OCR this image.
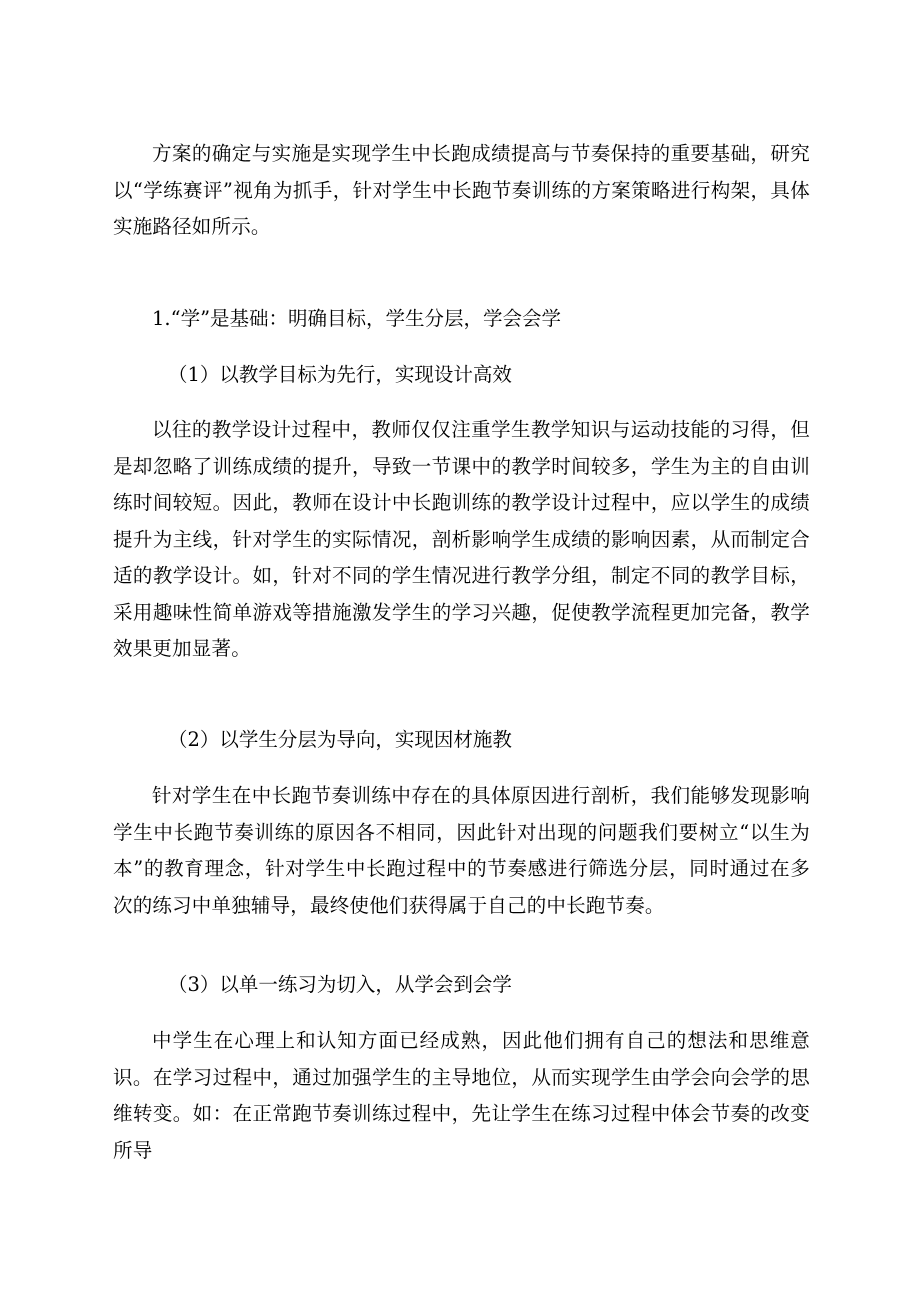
方案的确定与实施是实现学生中长跑成绩提高与节奏保持的重要基础，研究以“学练赛评”视角为抓手，针对学生中长跑节奏训练的方案策略进行构架，具体实施路径如所示。

1.“学”是基础：明确目标，学生分层，学会会学

（1）以教学目标为先行，实现设计高效

以往的教学设计过程中，教师仅仅注重学生教学知识与运动技能的习得，但是却忽略了训练成绩的提升，导致一节课中的教学时间较多，学生为主的自由训练时间较短。因此，教师在设计中长跑训练的教学设计过程中，应以学生的成绩提升为主线，针对学生的实际情况，剖析影响学生成绩的影响因素，从而制定合适的教学设计。如，针对不同的学生情况进行教学分组，制定不同的教学目标，采用趣味性简单游戏等措施激发学生的学习兴趣，促使教学流程更加完备，教学效果更加显著。

（2）以学生分层为导向，实现因材施教

针对学生在中长跑节奏训练中存在的具体原因进行剖析，我们能够发现影响学生中长跑节奏训练的原因各不相同，因此针对出现的问题我们要树立“以生为本”的教育理念，针对学生中长跑过程中的节奏感进行筛选分层，同时通过在多次的练习中单独辅导，最终使他们获得属于自己的中长跑节奏。

（3）以单一练习为切入，从学会到会学

中学生在心理上和认知方面已经成熟，因此他们拥有自己的想法和思维意识。在学习过程中，通过加强学生的主导地位，从而实现学生由学会向会学的思维转变。如：在正常跑节奏训练过程中，先让学生在练习过程中体会节奏的改变所导
